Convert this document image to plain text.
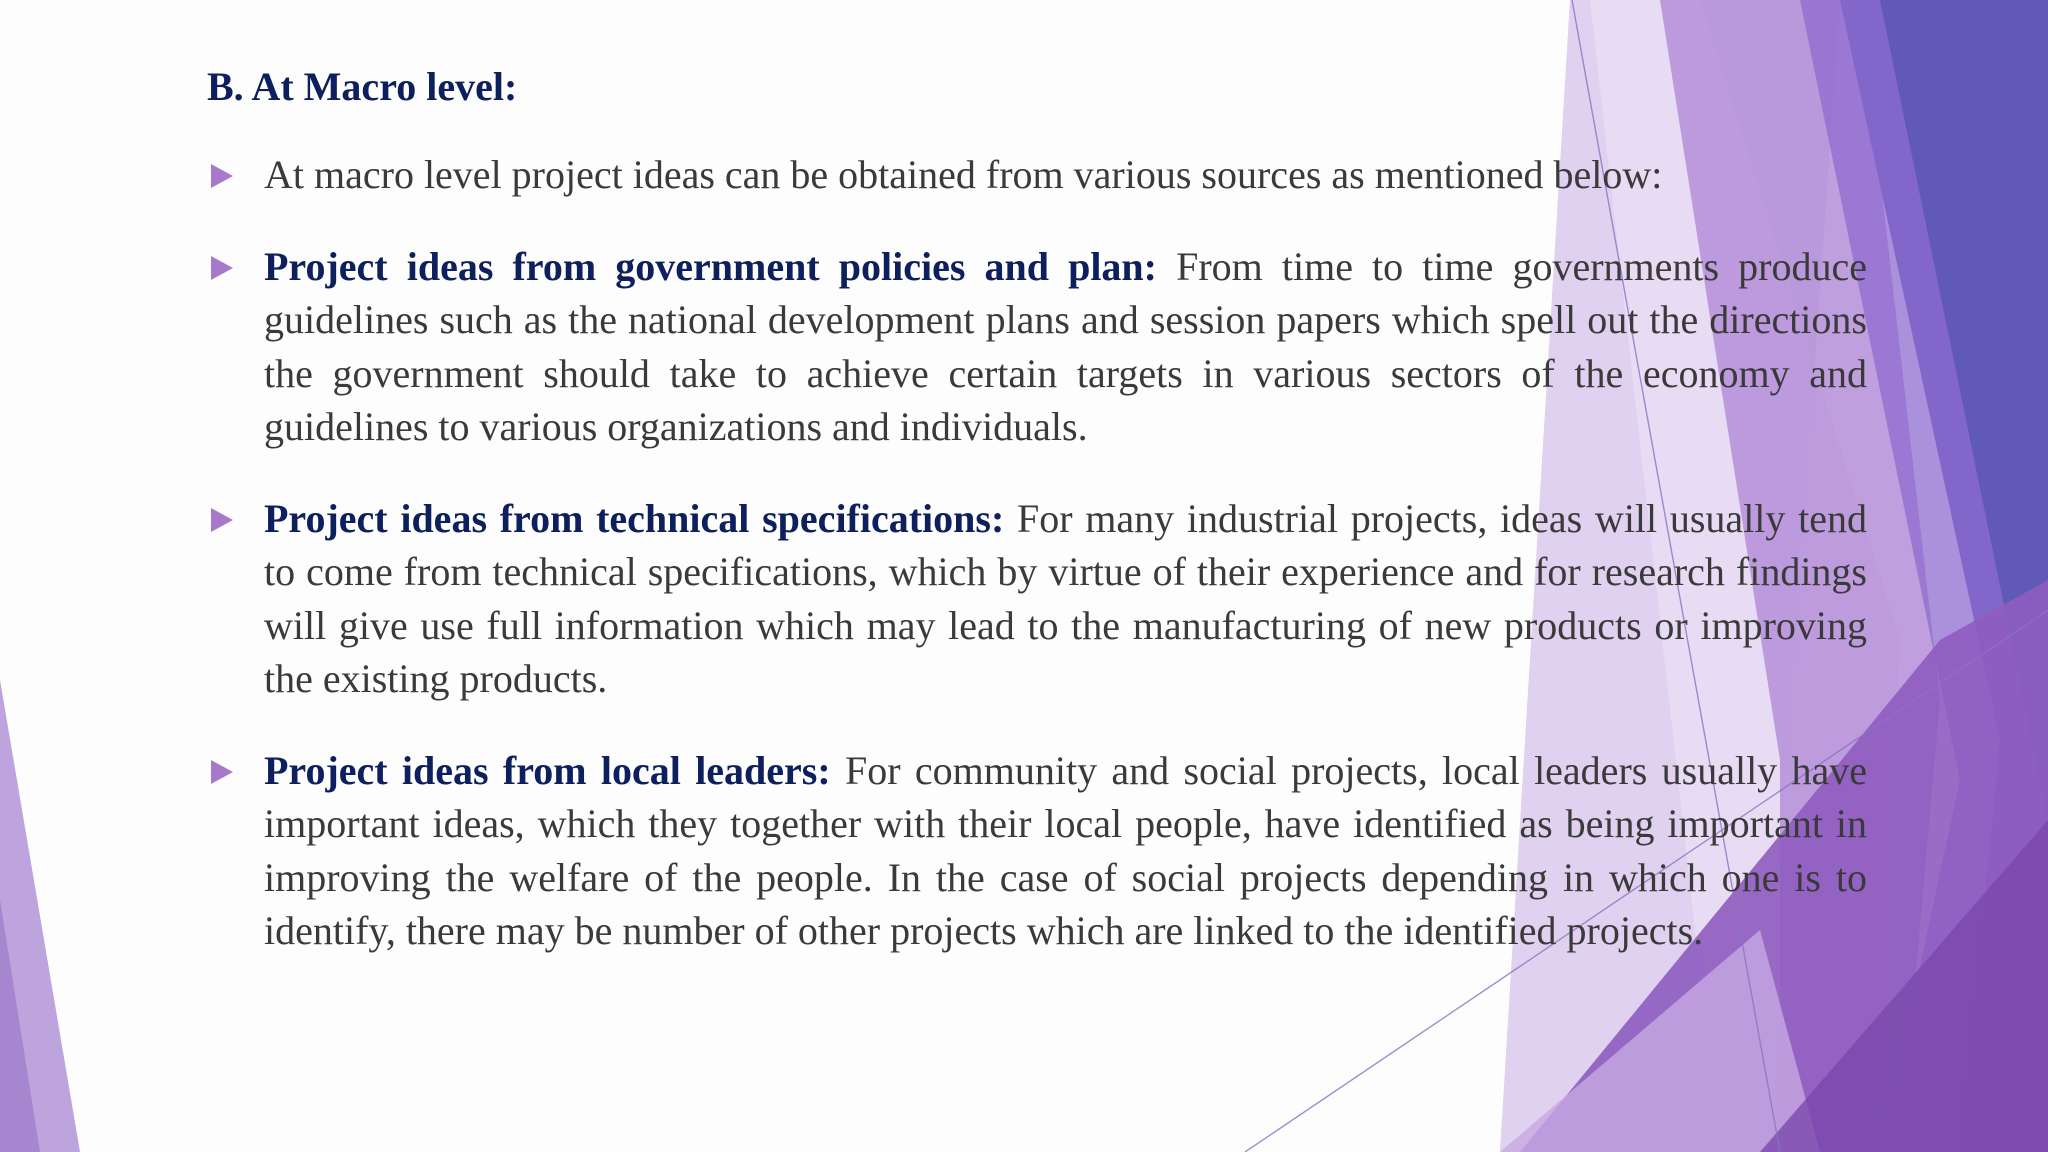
B. At Macro level:
At macro level project ideas can be obtained from various sources as mentioned below:
Project ideas from government policies and plan: From time to time governments produce guidelines such as the national development plans and session papers which spell out the directions the government should take to achieve certain targets in various sectors of the economy and guidelines to various organizations and individuals.
Project ideas from technical specifications: For many industrial projects, ideas will usually tend to come from technical specifications, which by virtue of their experience and for research findings will give use full information which may lead to the manufacturing of new products or improving the existing products.
Project ideas from local leaders: For community and social projects, local leaders usually have important ideas, which they together with their local people, have identified as being important in improving the welfare of the people. In the case of social projects depending in which one is to identify, there may be number of other projects which are linked to the identified projects.
